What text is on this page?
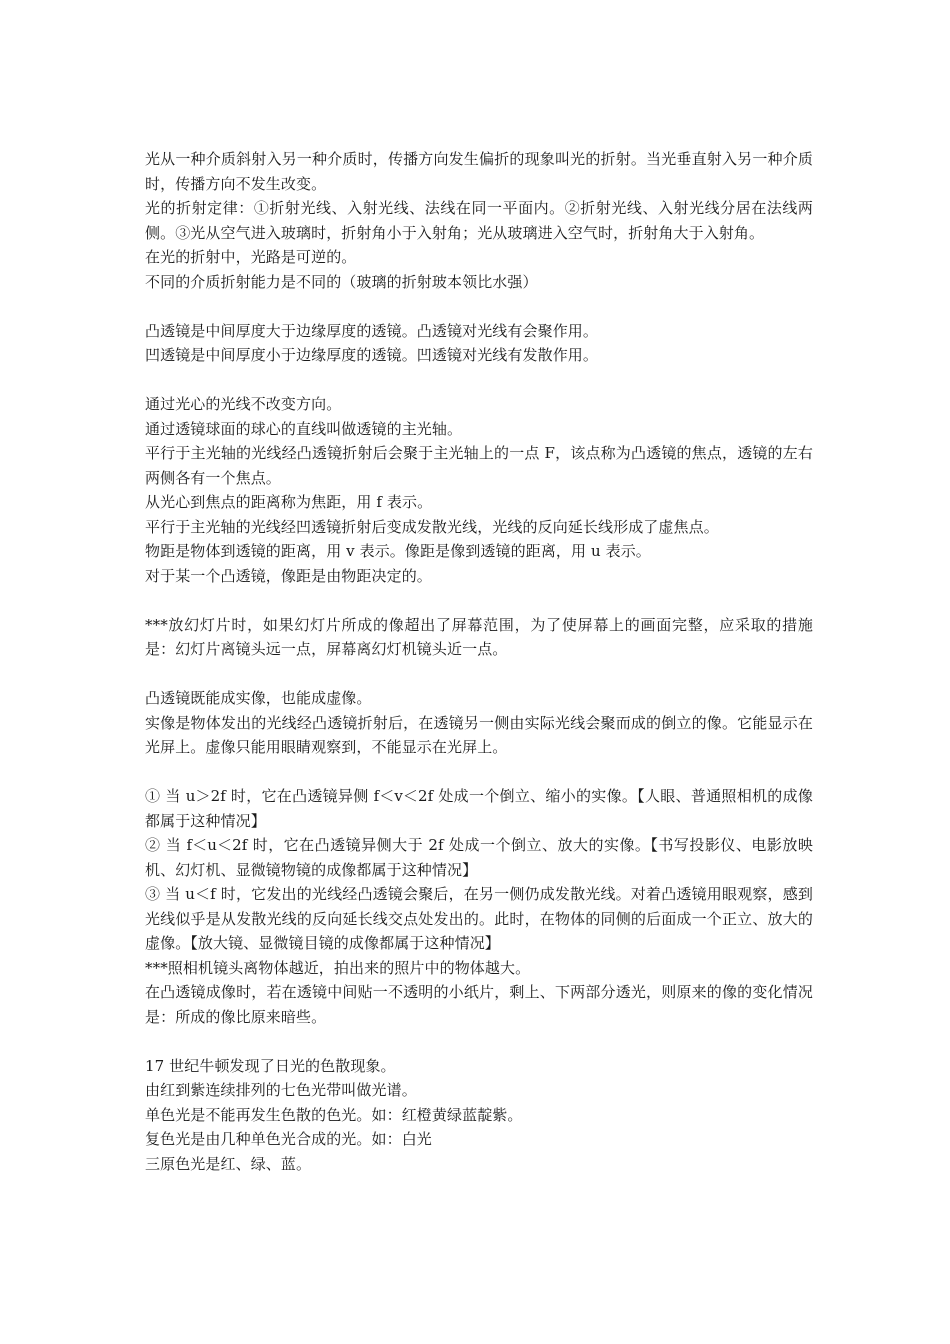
光从一种介质斜射入另一种介质时，传播方向发生偏折的现象叫光的折射。当光垂直射入另一种介质时，传播方向不发生改变。

光的折射定律：①折射光线、入射光线、法线在同一平面内。②折射光线、入射光线分居在法线两侧。③光从空气进入玻璃时，折射角小于入射角；光从玻璃进入空气时，折射角大于入射角。

在光的折射中，光路是可逆的。

不同的介质折射能力是不同的（玻璃的折射玻本领比水强）

凸透镜是中间厚度大于边缘厚度的透镜。凸透镜对光线有会聚作用。

凹透镜是中间厚度小于边缘厚度的透镜。凹透镜对光线有发散作用。

通过光心的光线不改变方向。

通过透镜球面的球心的直线叫做透镜的主光轴。

平行于主光轴的光线经凸透镜折射后会聚于主光轴上的一点 F，该点称为凸透镜的焦点，透镜的左右两侧各有一个焦点。

从光心到焦点的距离称为焦距，用 f 表示。

平行于主光轴的光线经凹透镜折射后变成发散光线，光线的反向延长线形成了虚焦点。

物距是物体到透镜的距离，用 v 表示。像距是像到透镜的距离，用 u 表示。

对于某一个凸透镜，像距是由物距决定的。

***放幻灯片时，如果幻灯片所成的像超出了屏幕范围，为了使屏幕上的画面完整，应采取的措施是：幻灯片离镜头远一点，屏幕离幻灯机镜头近一点。

凸透镜既能成实像，也能成虚像。

实像是物体发出的光线经凸透镜折射后，在透镜另一侧由实际光线会聚而成的倒立的像。它能显示在光屏上。虚像只能用眼睛观察到，不能显示在光屏上。

① 当 u＞2f 时，它在凸透镜异侧 f＜v＜2f 处成一个倒立、缩小的实像。【人眼、普通照相机的成像都属于这种情况】

② 当 f＜u＜2f 时，它在凸透镜异侧大于 2f 处成一个倒立、放大的实像。【书写投影仪、电影放映机、幻灯机、显微镜物镜的成像都属于这种情况】

③ 当 u＜f 时，它发出的光线经凸透镜会聚后，在另一侧仍成发散光线。对着凸透镜用眼观察，感到光线似乎是从发散光线的反向延长线交点处发出的。此时，在物体的同侧的后面成一个正立、放大的虚像。【放大镜、显微镜目镜的成像都属于这种情况】

***照相机镜头离物体越近，拍出来的照片中的物体越大。

在凸透镜成像时，若在透镜中间贴一不透明的小纸片，剩上、下两部分透光，则原来的像的变化情况是：所成的像比原来暗些。

17 世纪牛顿发现了日光的色散现象。

由红到紫连续排列的七色光带叫做光谱。

单色光是不能再发生色散的色光。如：红橙黄绿蓝靛紫。

复色光是由几种单色光合成的光。如：白光

三原色光是红、绿、蓝。
